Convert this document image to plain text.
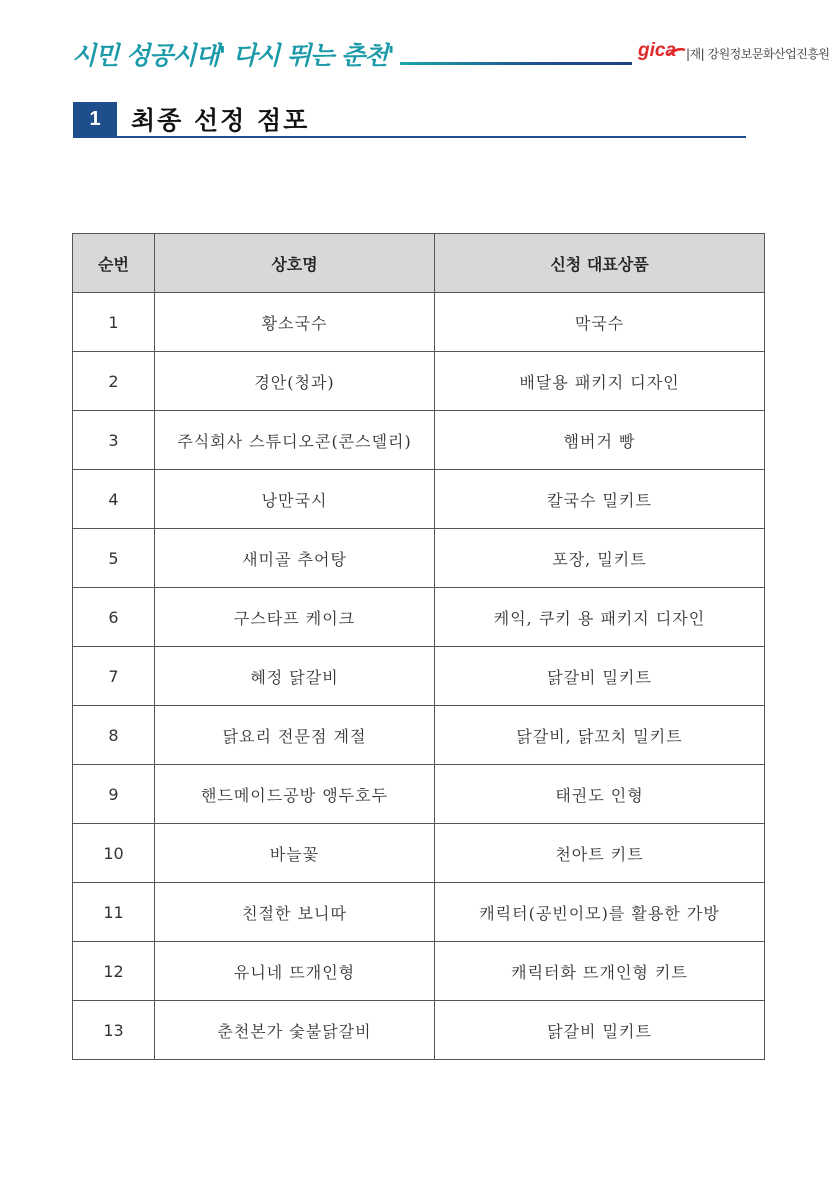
시민 성공시대' 다시 뛰는 춘천'	gica |재| 강원정보문화산업진흥원
1	최종 선정 점포
순번	상호명	신청 대표상품
1	황소국수	막국수
2	경안(청과)	배달용 패키지 디자인
3	주식회사 스튜디오콘(콘스델리)	햄버거 빵
4	낭만국시	칼국수 밀키트
5	새미골 추어탕	포장, 밀키트
6	구스타프 케이크	케익, 쿠키 용 패키지 디자인
7	혜정 닭갈비	닭갈비 밀키트
8	닭요리 전문점 계절	닭갈비, 닭꼬치 밀키트
9	핸드메이드공방 앵두호두	태권도 인형
10	바늘꽃	천아트 키트
11	친절한 보니따	캐릭터(공빈이모)를 활용한 가방
12	유니네 뜨개인형	캐릭터화 뜨개인형 키트
13	춘천본가 숯불닭갈비	닭갈비 밀키트
